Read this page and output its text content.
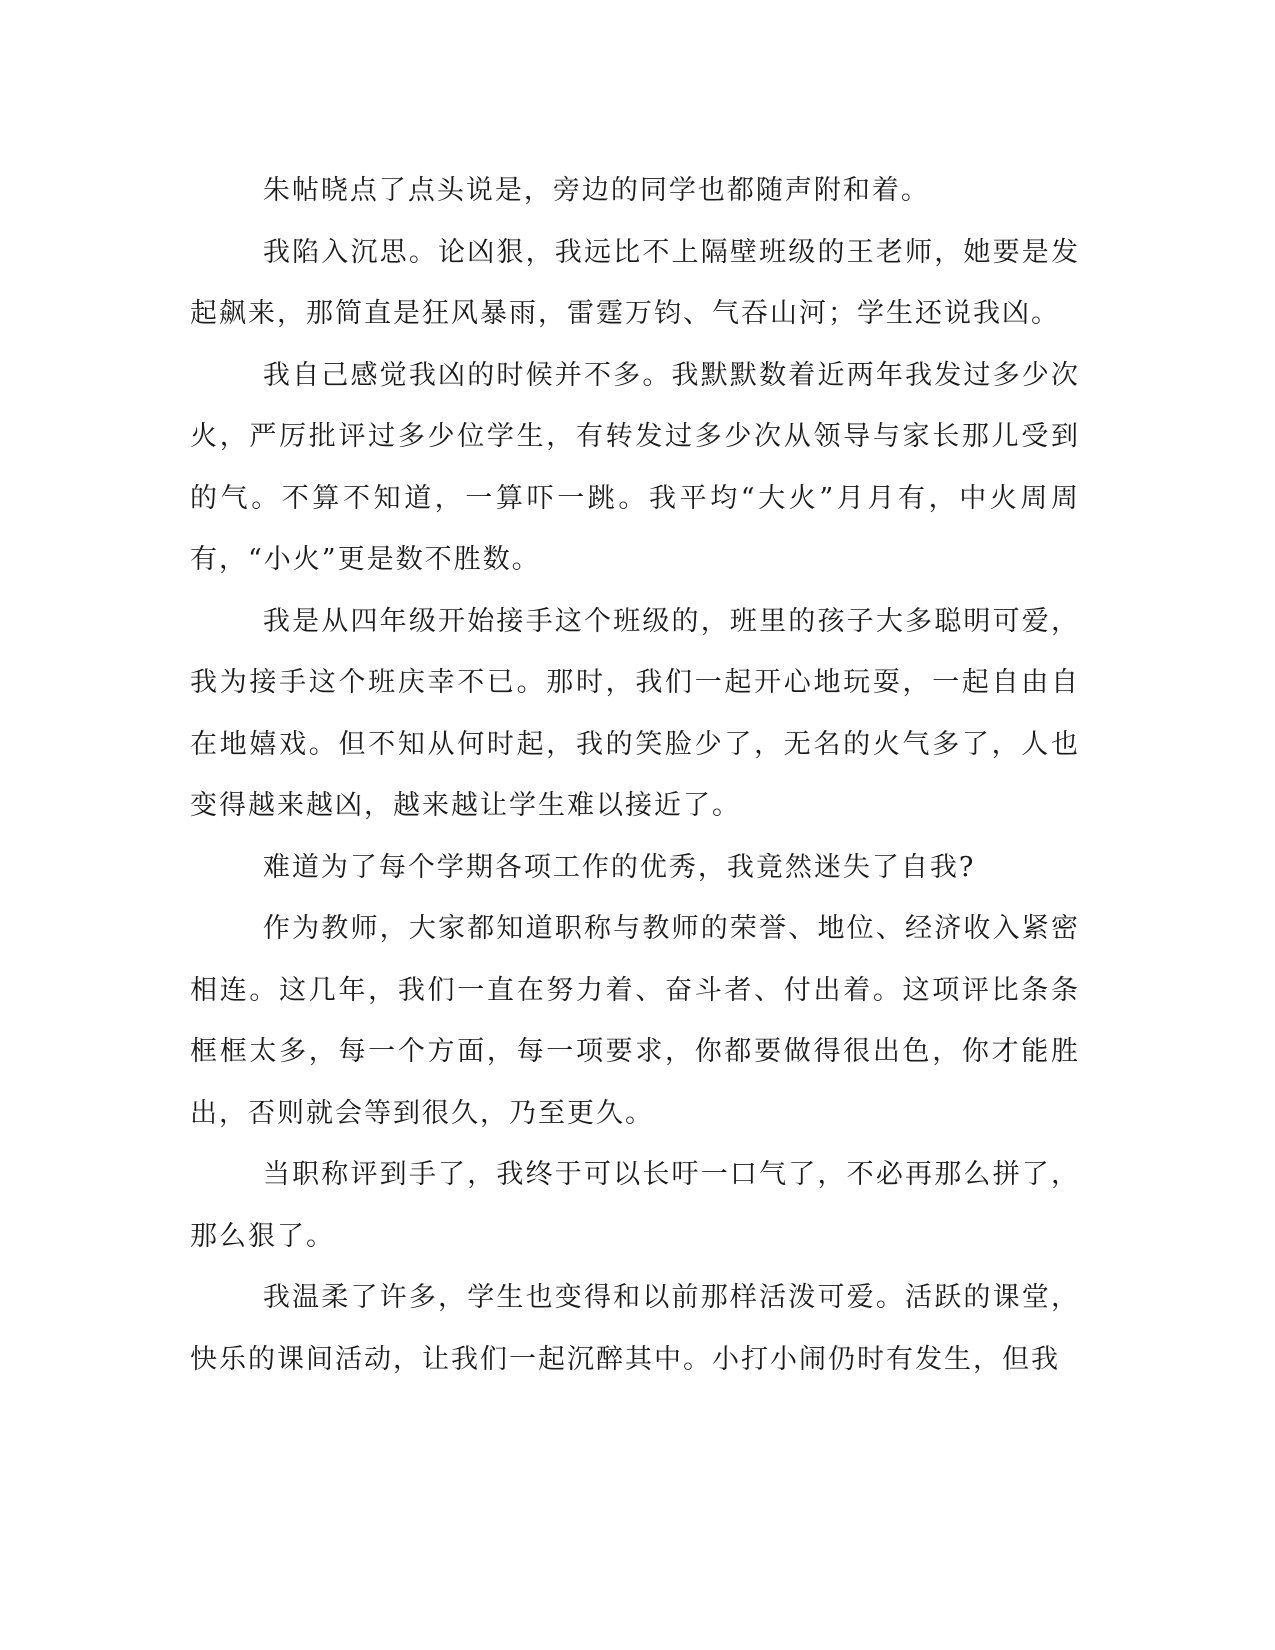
朱帖晓点了点头说是，旁边的同学也都随声附和着。

我陷入沉思。论凶狠，我远比不上隔壁班级的王老师，她要是发起飙来，那简直是狂风暴雨，雷霆万钧、气吞山河；学生还说我凶。

我自己感觉我凶的时候并不多。我默默数着近两年我发过多少次火，严厉批评过多少位学生，有转发过多少次从领导与家长那儿受到的气。不算不知道，一算吓一跳。我平均“大火”月月有，中火周周有，“小火”更是数不胜数。

我是从四年级开始接手这个班级的，班里的孩子大多聪明可爱，我为接手这个班庆幸不已。那时，我们一起开心地玩耍，一起自由自在地嬉戏。但不知从何时起，我的笑脸少了，无名的火气多了，人也变得越来越凶，越来越让学生难以接近了。

难道为了每个学期各项工作的优秀，我竟然迷失了自我?

作为教师，大家都知道职称与教师的荣誉、地位、经济收入紧密相连。这几年，我们一直在努力着、奋斗者、付出着。这项评比条条框框太多，每一个方面，每一项要求，你都要做得很出色，你才能胜出，否则就会等到很久，乃至更久。

当职称评到手了，我终于可以长吁一口气了，不必再那么拼了，那么狠了。

我温柔了许多，学生也变得和以前那样活泼可爱。活跃的课堂，快乐的课间活动，让我们一起沉醉其中。小打小闹仍时有发生，但我
